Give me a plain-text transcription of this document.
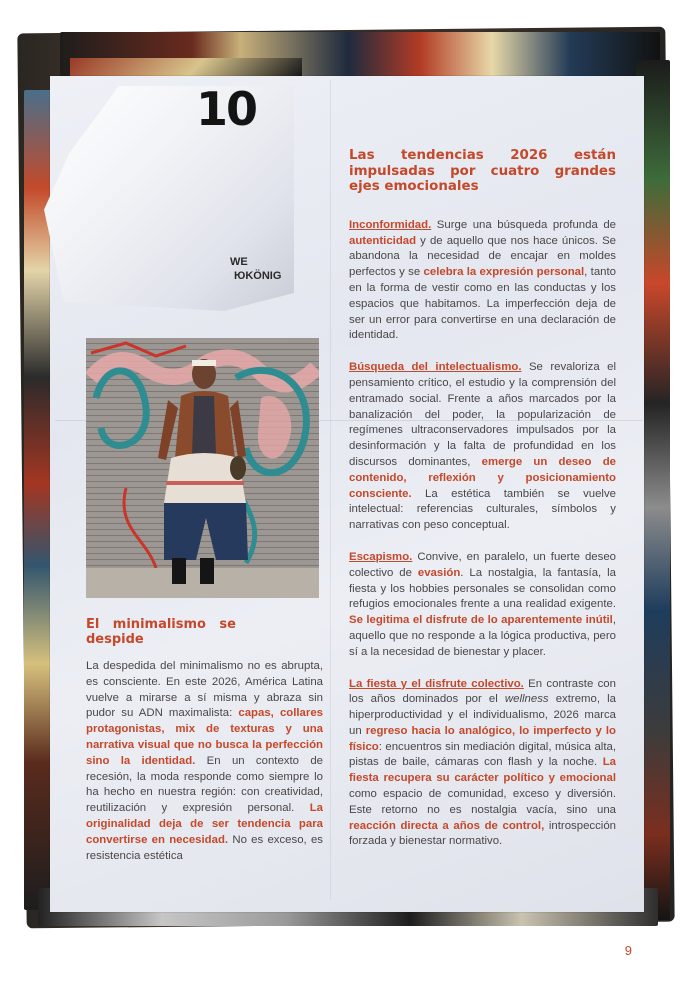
10
WE
ЮKÖNIG
Las tendencias 2026 están impulsadas por cuatro grandes ejes emocionales

Inconformidad. Surge una búsqueda profunda de autenticidad y de aquello que nos hace únicos. Se abandona la necesidad de encajar en moldes perfectos y se celebra la expresión personal, tanto en la forma de vestir como en las conductas y los espacios que habitamos. La imperfección deja de ser un error para convertirse en una declaración de identidad.

Búsqueda del intelectualismo. Se revaloriza el pensamiento crítico, el estudio y la comprensión del entramado social. Frente a años marcados por la banalización del poder, la popularización de regímenes ultraconservadores impulsados por la desinformación y la falta de profundidad en los discursos dominantes, emerge un deseo de contenido, reflexión y posicionamiento consciente. La estética también se vuelve intelectual: referencias culturales, símbolos y narrativas con peso conceptual.

Escapismo. Convive, en paralelo, un fuerte deseo colectivo de evasión. La nostalgia, la fantasía, la fiesta y los hobbies personales se consolidan como refugios emocionales frente a una realidad exigente. Se legitima el disfrute de lo aparentemente inútil, aquello que no responde a la lógica productiva, pero sí a la necesidad de bienestar y placer.

La fiesta y el disfrute colectivo. En contraste con los años dominados por el wellness extremo, la hiperproductividad y el individualismo, 2026 marca un regreso hacia lo analógico, lo imperfecto y lo físico: encuentros sin mediación digital, música alta, pistas de baile, cámaras con flash y la noche. La fiesta recupera su carácter político y emocional como espacio de comunidad, exceso y diversión. Este retorno no es nostalgia vacía, sino una reacción directa a años de control, introspección forzada y bienestar normativo.

El minimalismo se despide

La despedida del minimalismo no es abrupta, es consciente. En este 2026, América Latina vuelve a mirarse a sí misma y abraza sin pudor su ADN maximalista: capas, collares protagonistas, mix de texturas y una narrativa visual que no busca la perfección sino la identidad. En un contexto de recesión, la moda responde como siempre lo ha hecho en nuestra región: con creatividad, reutilización y expresión personal. La originalidad deja de ser tendencia para convertirse en necesidad. No es exceso, es resistencia estética

9
